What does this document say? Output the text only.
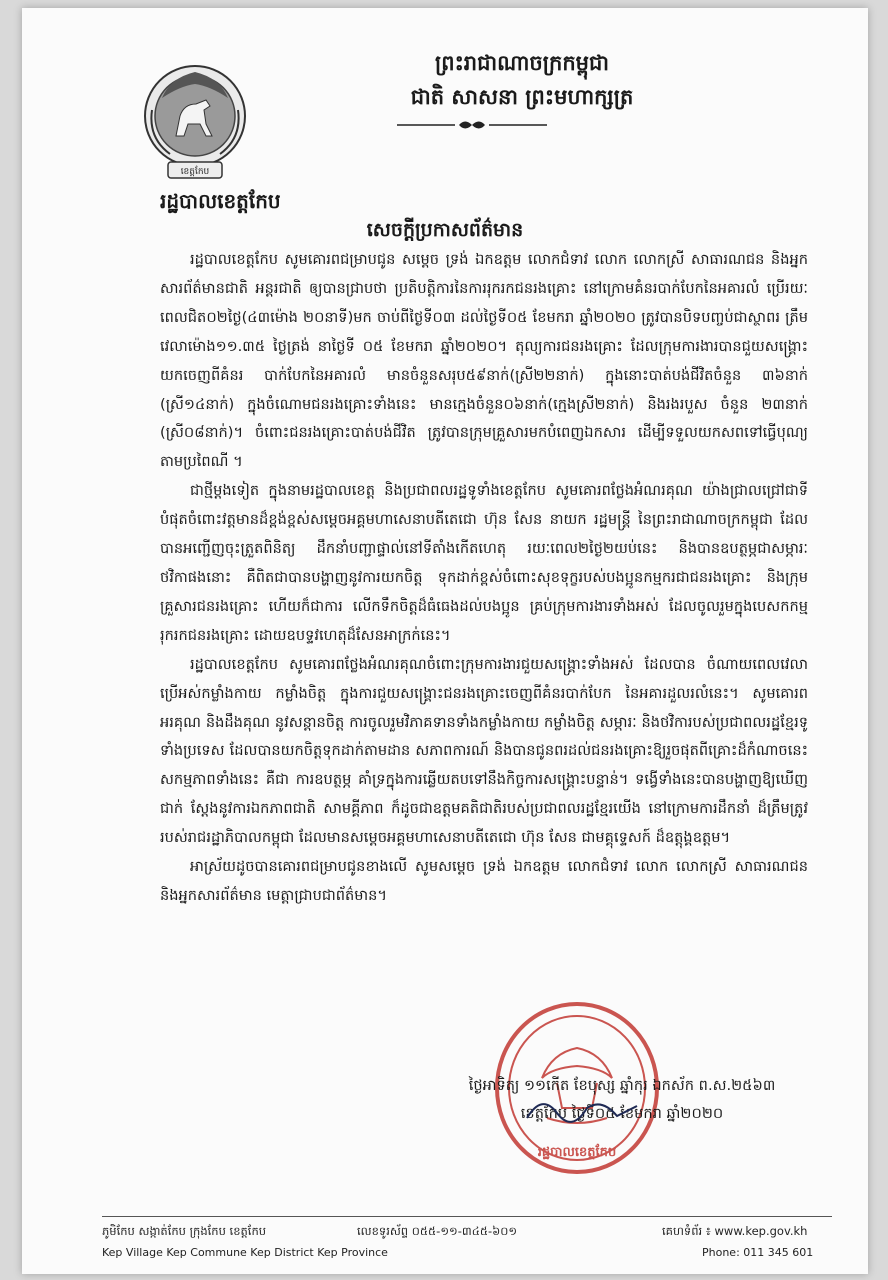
ខេត្តកែប
ព្រះរាជាណាចក្រកម្ពុជា
ជាតិ សាសនា ព្រះមហាក្សត្រ
រដ្ឋបាលខេត្តកែប
សេចក្តីប្រកាសព័ត៌មាន

រដ្ឋបាលខេត្តកែប សូមគោរពជម្រាបជូន សម្តេច ទ្រង់ ឯកឧត្តម លោកជំទាវ លោក លោកស្រី សាធារណជន និងអ្នកសារព័ត៌មានជាតិ អន្តរជាតិ ឲ្យបានជ្រាបថា ប្រតិបត្តិការនៃការរុករកជនរងគ្រោះ នៅក្រោមគំនរបាក់បែកនៃអគារលំ ប្រើរយៈពេលជិត០២ថ្ងៃ(៤៣ម៉ោង ២០នាទី)មក ចាប់ពីថ្ងៃទី០៣ ដល់ថ្ងៃទី០៥ ខែមករា ឆ្នាំ២០២០ ត្រូវបានបិទបញ្ចប់ជាស្ថាពរ ត្រឹមវេលាម៉ោង១១.៣៥ ថ្ងៃត្រង់ នាថ្ងៃទី ០៥ ខែមករា ឆ្នាំ២០២០។ តុល្យការជនរងគ្រោះ ដែលក្រុមការងារបានជួយសង្គ្រោះយកចេញពីគំនរ បាក់បែកនៃអគារលំ មានចំនួនសរុប៥៩នាក់(ស្រី២២នាក់) ក្នុងនោះបាត់បង់ជីវិតចំនួន ៣៦នាក់ (ស្រី១៤នាក់) ក្នុងចំណោមជនរងគ្រោះទាំងនេះ មានក្មេងចំនួន០៦នាក់(ក្មេងស្រី២នាក់) និងរងរបួស ចំនួន ២៣នាក់ (ស្រី០៨នាក់)។ ចំពោះជនរងគ្រោះបាត់បង់ជីវិត ត្រូវបានក្រុមគ្រួសារមកបំពេញឯកសារ ដើម្បីទទួលយកសពទៅធ្វើបុណ្យតាមប្រពៃណី ។

ជាថ្មីម្តងទៀត ក្នុងនាមរដ្ឋបាលខេត្ត និងប្រជាពលរដ្ឋទូទាំងខេត្តកែប សូមគោរពថ្លែងអំណរគុណ យ៉ាងជ្រាលជ្រៅជាទីបំផុតចំពោះវត្តមានដ៏ខ្ពង់ខ្ពស់សម្តេចអគ្គមហាសេនាបតីតេជោ ហ៊ុន សែន នាយក រដ្ឋមន្ត្រី នៃព្រះរាជាណាចក្រកម្ពុជា ដែលបានអញ្ជើញចុះត្រួតពិនិត្យ ដឹកនាំបញ្ជាផ្ទាល់នៅទីតាំងកើតហេតុ រយៈពេល២ថ្ងៃ២យប់នេះ និងបានឧបត្ថម្ភជាសម្ភារៈ ថវិកាផងនោះ គឺពិតជាបានបង្ហាញនូវការយកចិត្ត ទុកដាក់ខ្ពស់ចំពោះសុខទុក្ខរបស់បងប្អូនកម្មករជាជនរងគ្រោះ និងក្រុមគ្រួសារជនរងគ្រោះ ហើយក៏ជាការ លើកទឹកចិត្តដ៏ធំធេងដល់បងប្អូន គ្រប់ក្រុមការងារទាំងអស់ ដែលចូលរួមក្នុងបេសកកម្មរុករកជនរងគ្រោះ ដោយឧបទ្ទវហេតុដ៏សែនអាក្រក់នេះ។

រដ្ឋបាលខេត្តកែប សូមគោរពថ្លែងអំណរគុណចំពោះក្រុមការងារជួយសង្គ្រោះទាំងអស់ ដែលបាន ចំណាយពេលវេលា ប្រើអស់កម្លាំងកាយ កម្លាំងចិត្ត ក្នុងការជួយសង្គ្រោះជនរងគ្រោះចេញពីគំនរបាក់បែក នៃអគារដួលរលំនេះ។ សូមគោរពអរគុណ និងដឹងគុណ នូវសន្តានចិត្ត ការចូលរួមវិភាគទានទាំងកម្លាំងកាយ កម្លាំងចិត្ត សម្ភារៈ និងថវិការបស់ប្រជាពលរដ្ឋខ្មែរទូទាំងប្រទេស ដែលបានយកចិត្តទុកដាក់តាមដាន សភាពការណ៍ និងបានជូនពរដល់ជនរងគ្រោះឱ្យរួចផុតពីគ្រោះដ៏កំណាចនេះ សកម្មភាពទាំងនេះ គឺជា ការឧបត្ថម្ភ គាំទ្រក្នុងការឆ្លើយតបទៅនឹងកិច្ចការសង្គ្រោះបន្ទាន់។ ទង្វើទាំងនេះបានបង្ហាញឱ្យឃើញជាក់ ស្តែងនូវការឯកភាពជាតិ សាមគ្គីភាព ក៏ដូចជាឧត្តមគតិជាតិរបស់ប្រជាពលរដ្ឋខ្មែរយើង នៅក្រោមការដឹកនាំ ដ៏ត្រឹមត្រូវរបស់រាជរដ្ឋាភិបាលកម្ពុជា ដែលមានសម្តេចអគ្គមហាសេនាបតីតេជោ ហ៊ុន សែន ជាមគ្គុទ្ទេសក៍ ដ៏ឧត្តុង្គឧត្តម។

អាស្រ័យដូចបានគោរពជម្រាបជូនខាងលើ សូមសម្តេច ទ្រង់ ឯកឧត្តម លោកជំទាវ លោក លោកស្រី សាធារណជន និងអ្នកសារព័ត៌មាន មេត្តាជ្រាបជាព័ត៌មាន។

រដ្ឋបាលខេត្តកែប
ថ្ងៃអាទិត្យ ១១កើត ខែបុស្ស ឆ្នាំកុរ ឯកស័ក ព.ស.២៥៦៣
ខេត្តកែប ថ្ងៃទី០៥ ខែមករា ឆ្នាំ២០២០
ភូមិកែប សង្កាត់កែប ក្រុងកែប ខេត្តកែប	លេខទូរស័ព្ទ ០៥៥-១១-៣៤៥-៦០១	គេហទំព័រ ៖ www.kep.gov.kh
Kep Village Kep Commune Kep District Kep Province	Phone: 011 345 601
